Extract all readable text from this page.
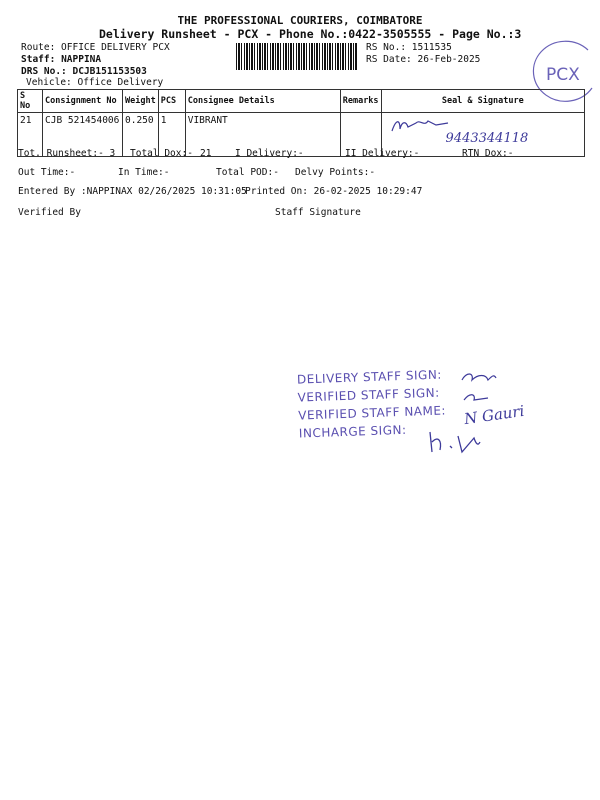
THE PROFESSIONAL COURIERS, COIMBATORE
Delivery Runsheet - PCX - Phone No.:0422-3505555 - Page No.:3
Route: OFFICE DELIVERY PCX
Staff: NAPPINA
DRS No.: DCJB151153503
Vehicle: Office Delivery
RS No.: 1511535
RS Date: 26-Feb-2025
PCX
S No	Consignment No	Weight	PCS	Consignee Details	Remarks	Seal & Signature
21	CJB 521454006	0.250	1	VIBRANT		9443344118
Tot. Runsheet:- 3 Total Dox:- 21 I Delivery:-	II Delivery:-	RTN Dox:-
Out Time:-	In Time:-	Total POD:- Delvy Points:-
Entered By :NAPPINAX 02/26/2025 10:31:05
Printed On: 26-02-2025 10:29:47
Verified By	Staff Signature
DELIVERY STAFF SIGN:
VERIFIED STAFF SIGN:
VERIFIED STAFF NAME:
INCHARGE SIGN:
N Gauri
